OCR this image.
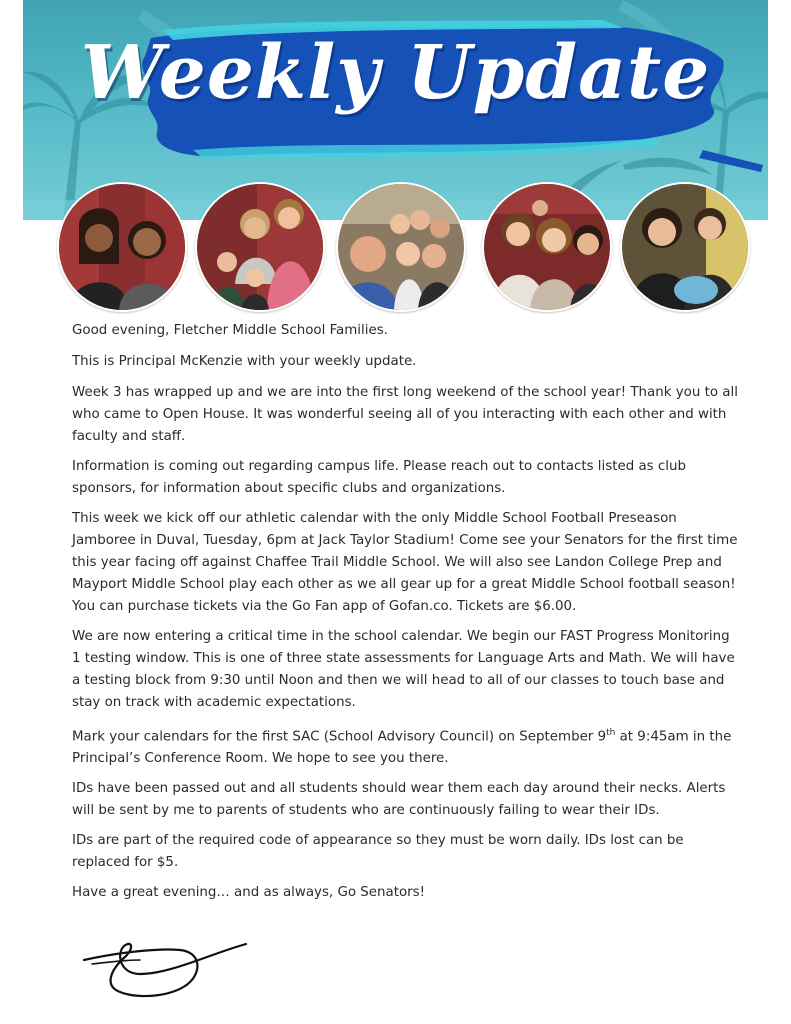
Weekly Update

Good evening, Fletcher Middle School Families.

This is Principal McKenzie with your weekly update.

Week 3 has wrapped up and we are into the first long weekend of the school year! Thank you to all who came to Open House. It was wonderful seeing all of you interacting with each other and with faculty and staff.

Information is coming out regarding campus life. Please reach out to contacts listed as club sponsors, for information about specific clubs and organizations.

This week we kick off our athletic calendar with the only Middle School Football Preseason Jamboree in Duval, Tuesday, 6pm at Jack Taylor Stadium! Come see your Senators for the first time this year facing off against Chaffee Trail Middle School. We will also see Landon College Prep and Mayport Middle School play each other as we all gear up for a great Middle School football season! You can purchase tickets via the Go Fan app of Gofan.co. Tickets are $6.00.

We are now entering a critical time in the school calendar. We begin our FAST Progress Monitoring 1 testing window. This is one of three state assessments for Language Arts and Math. We will have a testing block from 9:30 until Noon and then we will head to all of our classes to touch base and stay on track with academic expectations.

Mark your calendars for the first SAC (School Advisory Council) on September 9th at 9:45am in the Principal’s Conference Room. We hope to see you there.

IDs have been passed out and all students should wear them each day around their necks. Alerts will be sent by me to parents of students who are continuously failing to wear their IDs.

IDs are part of the required code of appearance so they must be worn daily. IDs lost can be replaced for $5.

Have a great evening… and as always, Go Senators!
